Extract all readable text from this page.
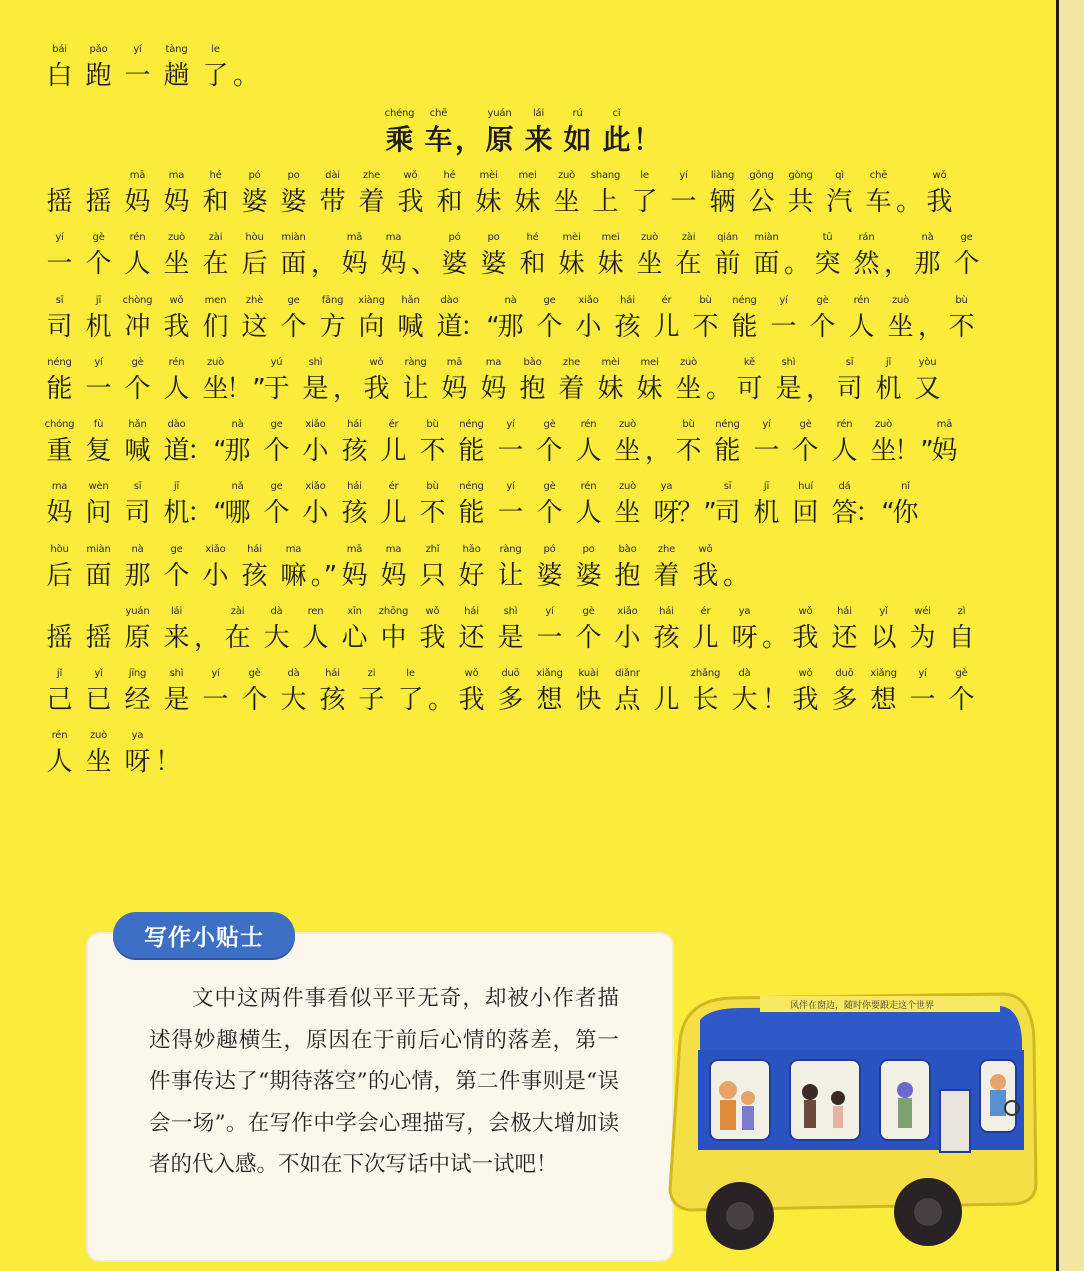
bái
白
pǎo
跑
yí
一
tàng
趟
le
了 。
chéng
乘
chē
车 ，
yuán
原
lái
来
rú
如
cǐ
此 ！
摇 摇
mā
妈
ma
妈
hé
和
pó
婆
po
婆
dài
带
zhe
着
wǒ
我
hé
和
mèi
妹
mei
妹
zuò
坐
shang
上
le
了
yí
一
liàng
辆
gōng
公
gòng
共
qì
汽
chē
车 。
wǒ
我
yí
一
gè
个
rén
人
zuò
坐
zài
在
hòu
后
miàn
面 ，
mā
妈
ma
妈 、
pó
婆
po
婆
hé
和
mèi
妹
mei
妹
zuò
坐
zài
在
qián
前
miàn
面 。
tū
突
rán
然 ，
nà
那
ge
个
sī
司
jī
机
chòng
冲
wǒ
我
men
们
zhè
这
ge
个
fāng
方
xiàng
向
hǎn
喊
dào
道
：“
nà
那
ge
个
xiǎo
小
hái
孩
ér
儿
bù
不
néng
能
yí
一
gè
个
rén
人
zuò
坐 ，
bù
不
néng
能
yí
一
gè
个
rén
人
zuò
坐
！”
yú
于
shì
是 ，
wǒ
我
ràng
让
mā
妈
ma
妈
bào
抱
zhe
着
mèi
妹
mei
妹
zuò
坐 。
kě
可
shì
是 ，
sī
司
jī
机
yòu
又
chóng
重
fù
复
hǎn
喊
dào
道
：“
nà
那
ge
个
xiǎo
小
hái
孩
ér
儿
bù
不
néng
能
yí
一
gè
个
rén
人
zuò
坐 ，
bù
不
néng
能
yí
一
gè
个
rén
人
zuò
坐
！”
mā
妈
ma
妈
wèn
问
sī
司
jī
机
：“
nǎ
哪
ge
个
xiǎo
小
hái
孩
ér
儿
bù
不
néng
能
yí
一
gè
个
rén
人
zuò
坐
ya
呀
？”
sī
司
jī
机
huí
回
dá
答
：“
nǐ
你
hòu
后
miàn
面
nà
那
ge
个
xiǎo
小
hái
孩
ma
嘛 。”
mā
妈
ma
妈
zhǐ
只
hǎo
好
ràng
让
pó
婆
po
婆
bào
抱
zhe
着
wǒ
我 。
摇 摇
yuán
原
lái
来 ，
zài
在
dà
大
ren
人
xīn
心
zhōng
中
wǒ
我
hái
还
shì
是
yí
一
gè
个
xiǎo
小
hái
孩
ér
儿
ya
呀 。
wǒ
我
hái
还
yǐ
以
wéi
为
zì
自
jǐ
己
yǐ
已
jīng
经
shì
是
yí
一
gè
个
dà
大
hái
孩
zi
子
le
了 。
wǒ
我
duō
多
xiǎng
想
kuài
快
diǎnr
点 儿
zhǎng
长
dà
大 ！
wǒ
我
duō
多
xiǎng
想
yí
一
gè
个
rén
人
zuò
坐
ya
呀 ！
写作小贴士
文中这两件事看似平平无奇，却被小作者描述得妙趣横生，原因在于前后心情的落差，第一件事传达了“期待落空”的心情，第二件事则是“误会一场”。在写作中学会心理描写，会极大增加读者的代入感。不如在下次写话中试一试吧！
风伴在窗边，随时你要跟走这个世界
